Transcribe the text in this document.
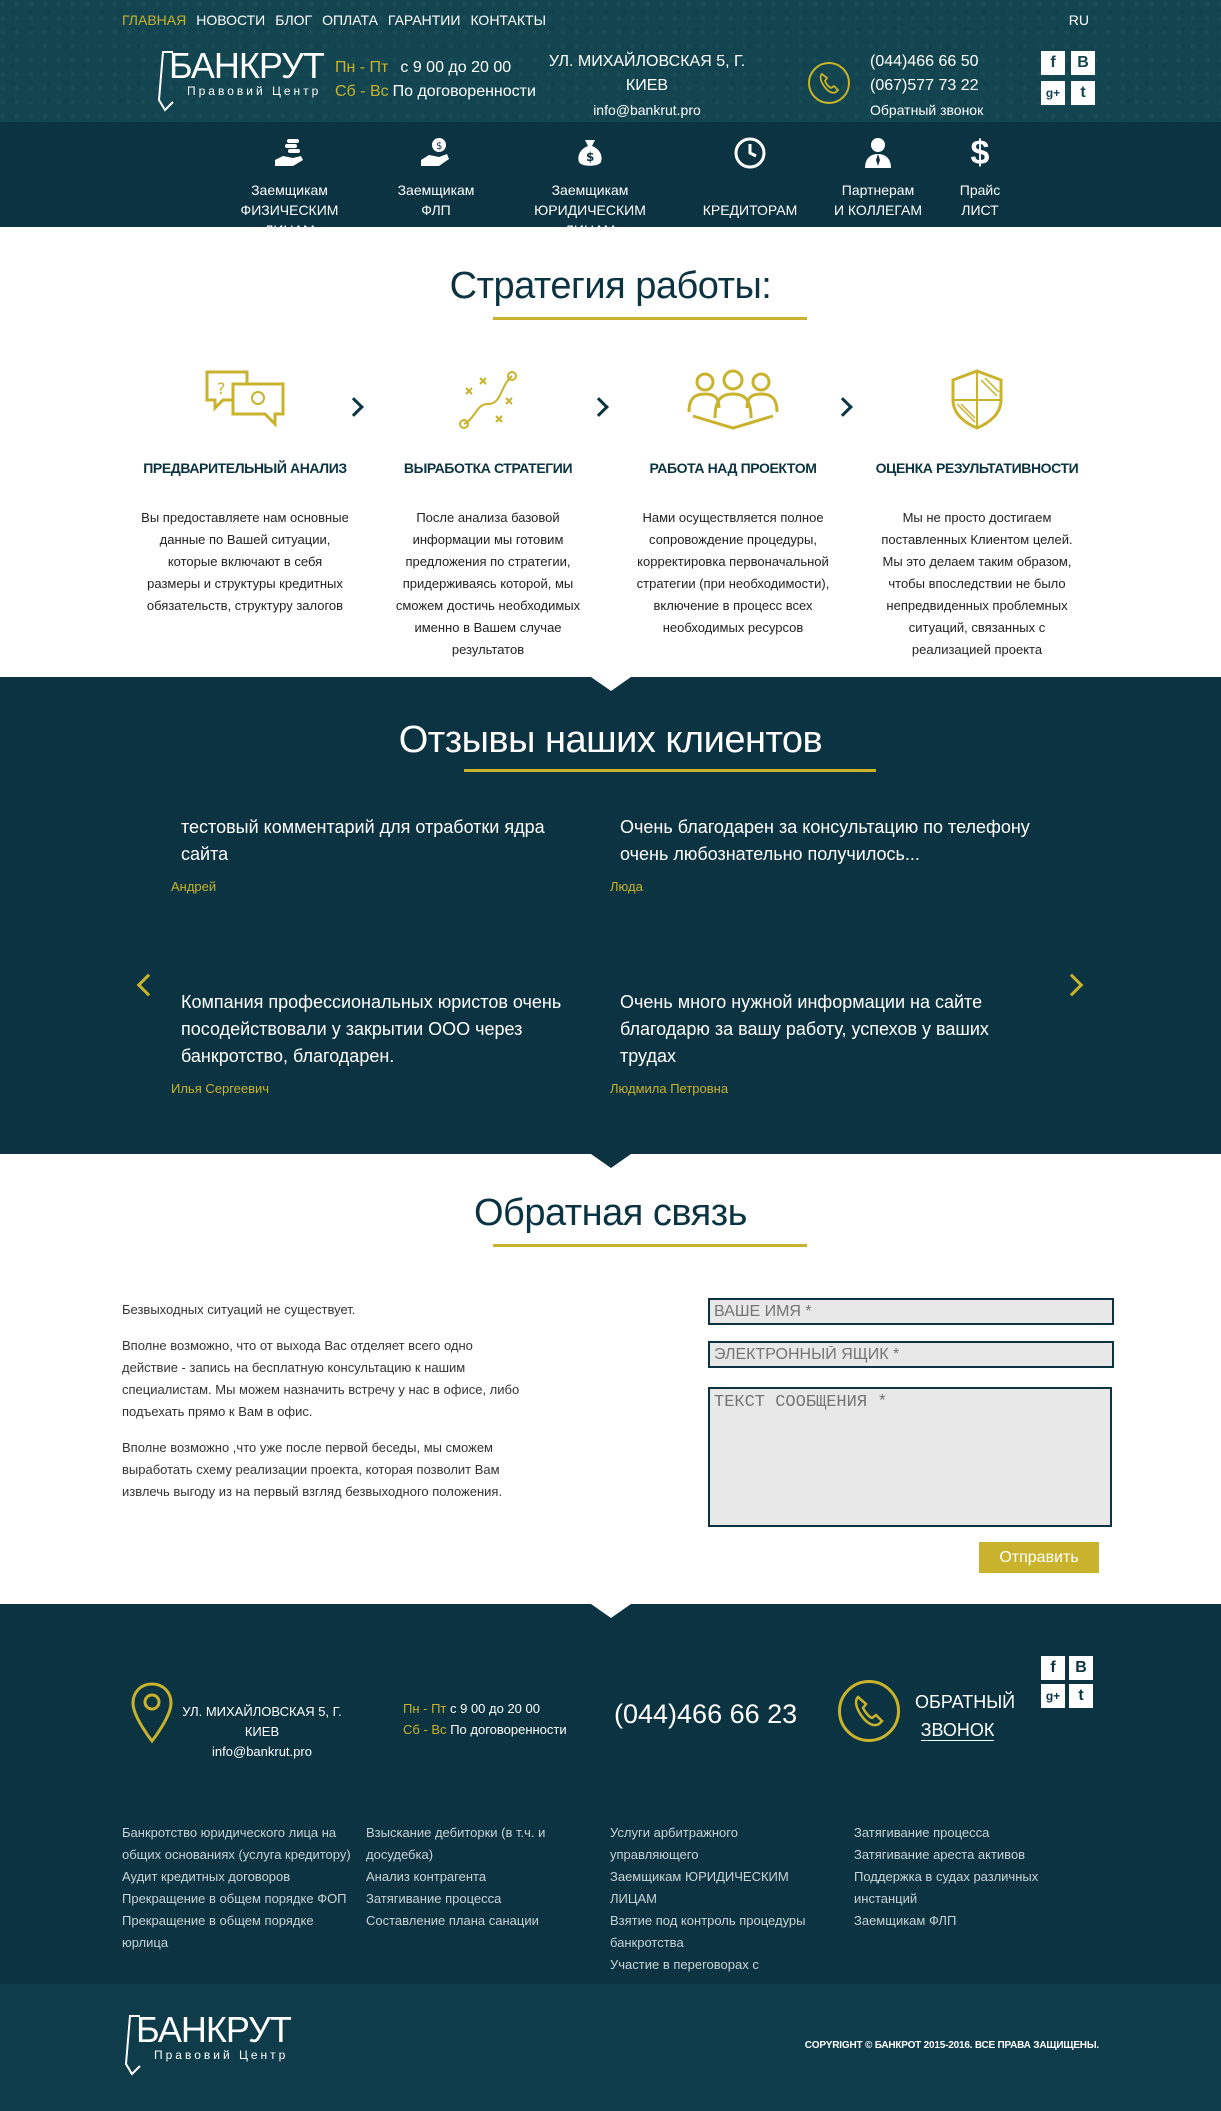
ГЛАВНАЯ НОВОСТИ БЛОГ ОПЛАТА ГАРАНТИИ КОНТАКТЫ	RU
БАНКРУТ
Правовий Центр
Пн - Пт с 9 00 до 20 00
Сб - Вс По договоренности
УЛ. МИХАЙЛОВСКАЯ 5, Г. КИЕВ
info@bankrut.pro
(044)466 66 50
(067)577 73 22
Обратный звонок
f	B
g+	t
Заемщикам
ФИЗИЧЕСКИМ
$
Заемщикам
ФЛП
$
Заемщикам
ЮРИДИЧЕСКИМ	КРЕДИТОРАМ
Партнерам
И КОЛЛЕГАМ
$
Прайс
ЛИСТ
Стратегия работы:
?
ПРЕДВАРИТЕЛЬНЫЙ АНАЛИЗ

Вы предоставляете нам основные данные по Вашей ситуации, которые включают в себя размеры и структуры кредитных обязательств, структуру залогов

ВЫРАБОТКА СТРАТЕГИИ

После анализа базовой информации мы готовим предложения по стратегии, придерживаясь которой, мы сможем достичь необходимых именно в Вашем случае результатов

РАБОТА НАД ПРОЕКТОМ

Нами осуществляется полное сопровождение процедуры, корректировка первоначальной стратегии (при необходимости), включение в процесс всех необходимых ресурсов

ОЦЕНКА РЕЗУЛЬТАТИВНОСТИ

Мы не просто достигаем поставленных Клиентом целей. Мы это делаем таким образом, чтобы впоследствии не было непредвиденных проблемных ситуаций, связанных с реализацией проекта

Отзывы наших клиентов
тестовый комментарий для отработки ядра сайта
Андрей
Очень благодарен за консультацию по телефону очень любознательно получилось...
Люда
Компания профессиональных юристов очень посодействовали у закрытии ООО через банкротство, благодарен.
Илья Сергеевич
Очень много нужной информации на сайте благодарю за вашу работу, успехов у ваших трудах
Людмила Петровна
Обратная связь

Безвыходных ситуаций не существует.

Вполне возможно, что от выхода Вас отделяет всего одно действие - запись на бесплатную консультацию к нашим специалистам. Мы можем назначить встречу у нас в офисе, либо подъехать прямо к Вам в офис.

Вполне возможно ,что уже после первой беседы, мы сможем выработать схему реализации проекта, которая позволит Вам извлечь выгоду из на первый взгляд безвыходного положения.

ВАШЕ ИМЯ *
ЭЛЕКТРОННЫЙ ЯЩИК *
ТЕКСТ СООБЩЕНИЯ *
Отправить
УЛ. МИХАЙЛОВСКАЯ 5, Г. КИЕВ
info@bankrut.pro
Пн - Пт с 9 00 до 20 00
Сб - Вс По договоренности
(044)466 66 23	ОБРАТНЫЙ
ЗВОНОК
f	B
g+	t
Банкротство юридического лица на общих основаниях (услуга кредитору)
Аудит кредитных договоров
Прекращение в общем порядке ФОП
Прекращение в общем порядке юрлица
Взыскание дебиторки (в т.ч. и досудебка)
Анализ контрагента
Затягивание процесса
Составление плана санации
Услуги арбитражного управляющего
Заемщикам ЮРИДИЧЕСКИМ ЛИЦАМ
Взятие под контроль процедуры банкротства
Участие в переговорах с
Затягивание процесса
Затягивание ареста активов
Поддержка в судах различных инстанций
Заемщикам ФЛП
БАНКРУТ
Правовий Центр
COPYRIGHT © БАНКРОТ 2015-2016. ВСЕ ПРАВА ЗАЩИЩЕНЫ.
